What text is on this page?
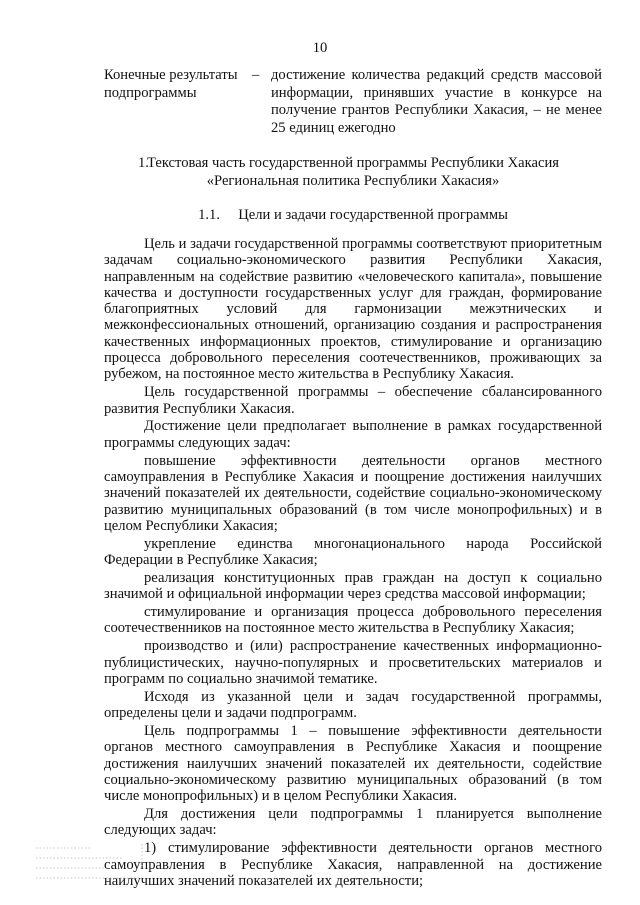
10
Конечные результаты подпрограммы
– достижение количества редакций средств массовой информации, принявших участие в конкурсе на получение грантов Республики Хакасия, – не менее 25 единиц ежегодно
1.
Текстовая часть государственной программы Республики Хакасия
«Региональная политика Республики Хакасия»
1.1.     Цели и задачи государственной программы

Цель и задачи государственной программы соответствуют приоритетным задачам социально-экономического развития Республики Хакасия, направленным на содействие развитию «человеческого капитала», повышение качества и доступности государственных услуг для граждан, формирование благоприятных условий для гармонизации межэтнических и межконфессиональных отношений, организацию создания и распространения качественных информационных проектов, стимулирование и организацию процесса добровольного переселения соотечественников, проживающих за рубежом, на постоянное место жительства в Республику Хакасия.

Цель государственной программы – обеспечение сбалансированного развития Республики Хакасия.

Достижение цели предполагает выполнение в рамках государственной программы следующих задач:

повышение эффективности деятельности органов местного самоуправления в Республике Хакасия и поощрение достижения наилучших значений показателей их деятельности, содействие социально-экономическому развитию муниципальных образований (в том числе монопрофильных) и в целом Республики Хакасия;

укрепление единства многонационального народа Российской Федерации в Республике Хакасия;

реализация конституционных прав граждан на доступ к социально значимой и официальной информации через средства массовой информации;

стимулирование и организация процесса добровольного переселения соотечественников на постоянное место жительства в Республику Хакасия;

производство и (или) распространение качественных информационно-публицистических, научно-популярных и просветительских материалов и программ по социально значимой тематике.

Исходя из указанной цели и задач государственной программы, определены цели и задачи подпрограмм.

Цель подпрограммы 1 – повышение эффективности деятельности органов местного самоуправления в Республике Хакасия и поощрение достижения наилучших значений показателей их деятельности, содействие социально-экономическому развитию муниципальных образований (в том числе монопрофильных) и в целом Республики Хакасия.

Для достижения цели подпрограммы 1 планируется выполнение следующих задач:

1) стимулирование эффективности деятельности органов местного самоуправления в Республике Хакасия, направленной на достижение наилучших значений показателей их деятельности;
